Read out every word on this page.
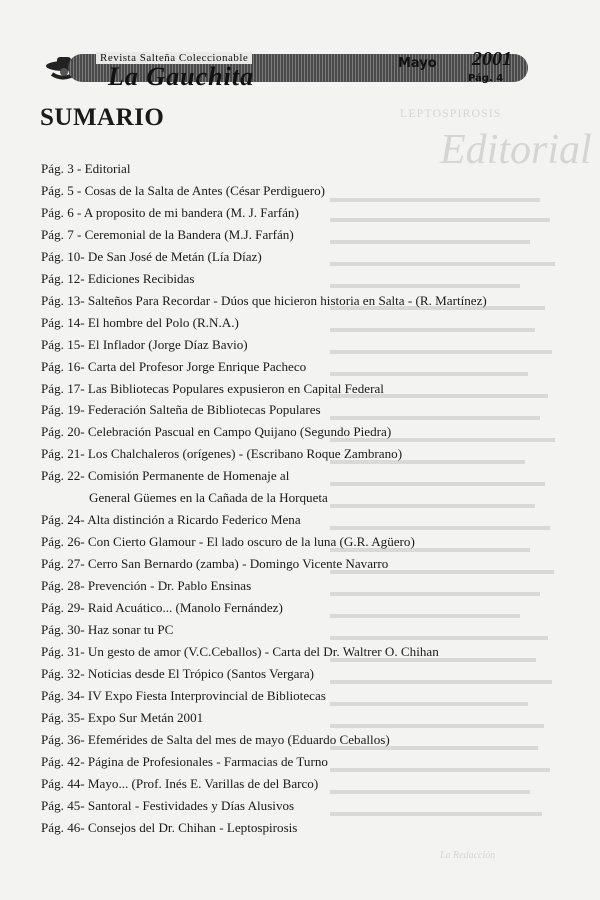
LEPTOSPIROSIS
Editorial
Revista Salteña Coleccionable
La Gauchita	Mayo 2001
Pág. 4
SUMARIO
Pág. 3 - Editorial
Pág. 5 - Cosas de la Salta de Antes (César Perdiguero)
Pág. 6 - A proposito de mi bandera (M. J. Farfán)
Pág. 7 - Ceremonial de la Bandera (M.J. Farfán)
Pág. 10- De San José de Metán (Lía Díaz)
Pág. 12- Ediciones Recibidas
Pág. 13- Salteños Para Recordar - Dúos que hicieron historia en Salta - (R. Martínez)
Pág. 14- El hombre del Polo (R.N.A.)
Pág. 15- El Inflador (Jorge Díaz Bavio)
Pág. 16- Carta del Profesor Jorge Enrique Pacheco
Pág. 17- Las Bibliotecas Populares expusieron en Capital Federal
Pág. 19- Federación Salteña de Bibliotecas Populares
Pág. 20- Celebración Pascual en Campo Quijano (Segundo Piedra)
Pág. 21- Los Chalchaleros (orígenes) - (Escribano Roque Zambrano)
Pág. 22- Comisión Permanente de Homenaje al
General Güemes en la Cañada de la Horqueta
Pág. 24- Alta distinción a Ricardo Federico Mena
Pág. 26- Con Cierto Glamour - El lado oscuro de la luna (G.R. Agüero)
Pág. 27- Cerro San Bernardo (zamba) - Domingo Vicente Navarro
Pág. 28- Prevención - Dr. Pablo Ensinas
Pág. 29- Raid Acuático... (Manolo Fernández)
Pág. 30- Haz sonar tu PC
Pág. 31- Un gesto de amor (V.C.Ceballos) - Carta del Dr. Waltrer O. Chihan
Pág. 32- Noticias desde El Trópico (Santos Vergara)
Pág. 34- IV Expo Fiesta Interprovincial de Bibliotecas
Pág. 35- Expo Sur Metán 2001
Pág. 36- Efemérides de Salta del mes de mayo (Eduardo Ceballos)
Pág. 42- Página de Profesionales - Farmacias de Turno
Pág. 44- Mayo... (Prof. Inés E. Varillas de del Barco)
Pág. 45- Santoral - Festividades y Días Alusivos
Pág. 46- Consejos del Dr. Chihan - Leptospirosis
La Redacción
